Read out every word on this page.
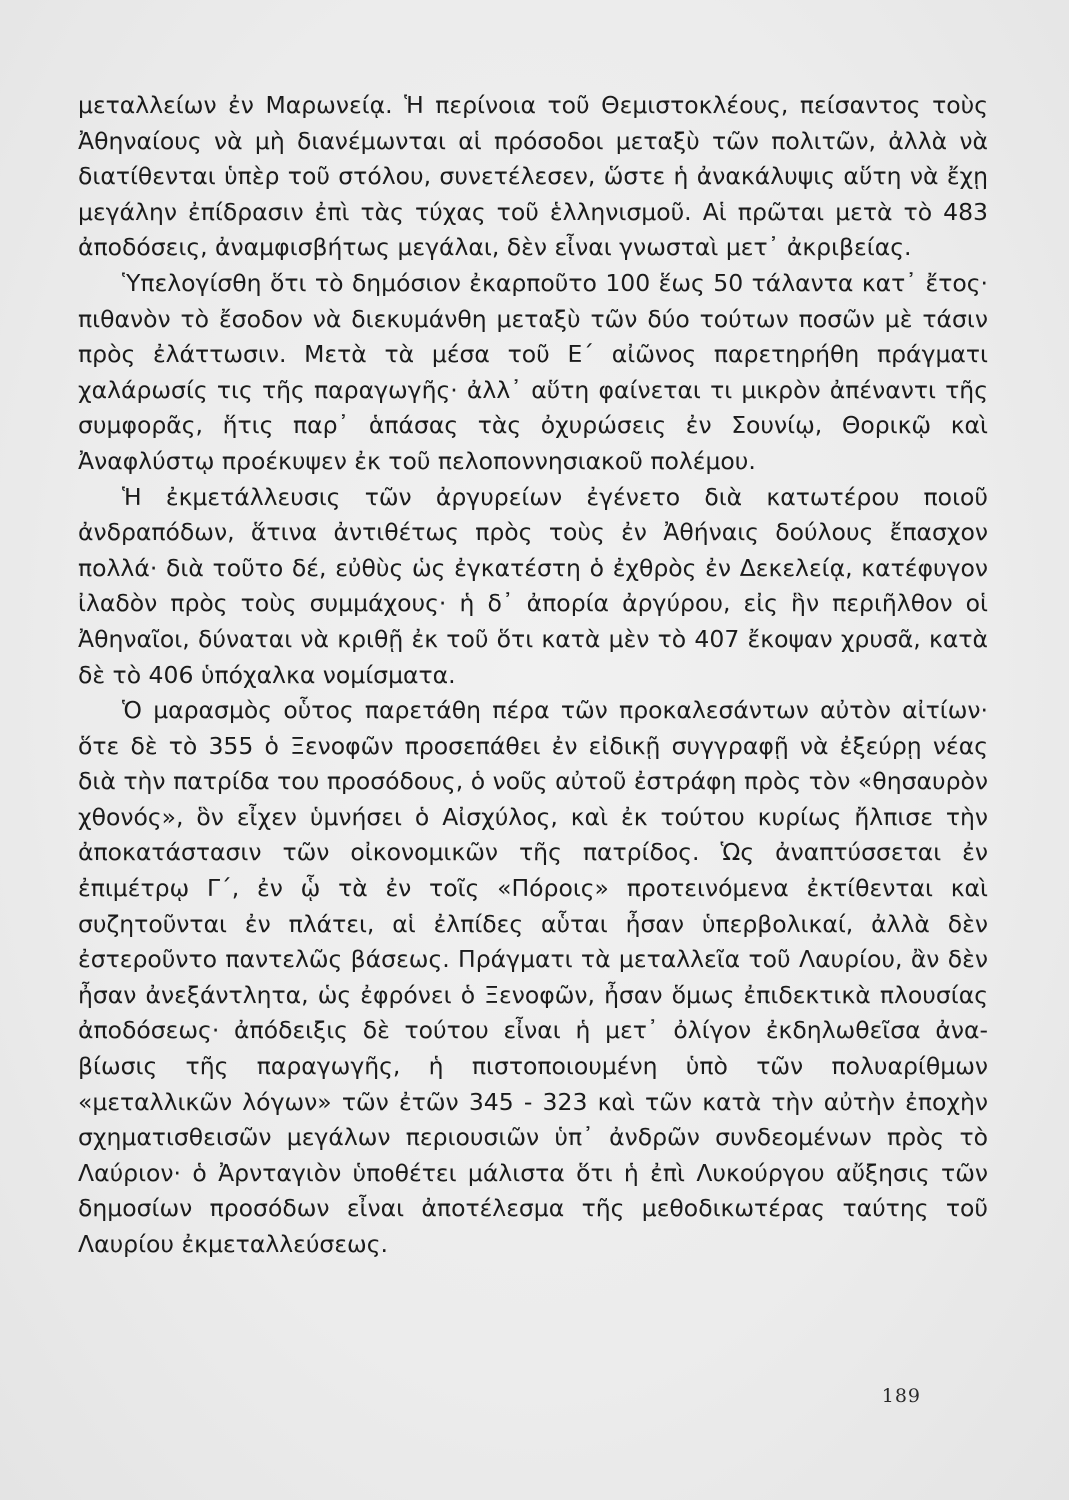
μεταλλείων ἐν Μαρωνείᾳ. Ἡ περίνοια τοῦ Θεμιστοκλέους, πείσαντος τοὺς Ἀθηναίους νὰ μὴ διανέμωνται αἱ πρόσοδοι μεταξὺ τῶν πολιτῶν, ἀλλὰ νὰ διατίθενται ὑπὲρ τοῦ στόλου, συνετέλεσεν, ὥστε ἡ ἀνακάλυψις αὕτη νὰ ἔχῃ μεγάλην ἐπίδρασιν ἐπὶ τὰς τύχας τοῦ ἑλληνισμοῦ. Αἱ πρῶται μετὰ τὸ 483 ἀποδόσεις, ἀναμφισβήτως μεγάλαι, δὲν εἶναι γνωσταὶ μετ᾽ ἀκριβείας.

Ὑπελογίσθη ὅτι τὸ δημόσιον ἐκαρποῦτο 100 ἕως 50 τάλαντα κατ᾽ ἔτος· πιθανὸν τὸ ἔσοδον νὰ διεκυμάνθη μεταξὺ τῶν δύο τούτων ποσῶν μὲ τάσιν πρὸς ἐλάττωσιν. Μετὰ τὰ μέσα τοῦ Ε´ αἰῶνος παρετηρήθη πράγματι χαλάρωσίς τις τῆς παραγωγῆς· ἀλλ᾽ αὕτη φαίνεται τι μικρὸν ἀπέναντι τῆς συμφορᾶς, ἥτις παρ᾽ ἁπάσας τὰς ὀχυρώσεις ἐν Σουνίῳ, Θορικῷ καὶ Ἀναφλύστῳ προέκυψεν ἐκ τοῦ πελοποννησιακοῦ πολέμου.

Ἡ ἐκμετάλλευσις τῶν ἀργυρείων ἐγένετο διὰ κατωτέρου ποιοῦ ἀνδραπόδων, ἅτινα ἀντιθέτως πρὸς τοὺς ἐν Ἀθήναις δούλους ἔπασχον πολλά· διὰ τοῦτο δέ, εὐθὺς ὡς ἐγκατέστη ὁ ἐχθρὸς ἐν Δεκελείᾳ, κατέφυγον ἰλαδὸν πρὸς τοὺς συμμάχους· ἡ δ᾽ ἀπορία ἀργύρου, εἰς ἣν περιῆλθον οἱ Ἀθηναῖοι, δύναται νὰ κριθῇ ἐκ τοῦ ὅτι κατὰ μὲν τὸ 407 ἔκοψαν χρυσᾶ, κατὰ δὲ τὸ 406 ὑπόχαλκα νομίσματα.

Ὁ μαρασμὸς οὗτος παρετάθη πέρα τῶν προκαλεσάντων αὐτὸν αἰτίων· ὅτε δὲ τὸ 355 ὁ Ξενοφῶν προσεπάθει ἐν εἰδικῇ συγγραφῇ νὰ ἐξεύρῃ νέας διὰ τὴν πατρίδα του προσόδους, ὁ νοῦς αὐτοῦ ἐστράφη πρὸς τὸν «θησαυρὸν χθονός», ὃν εἶχεν ὑμνήσει ὁ Αἰσχύλος, καὶ ἐκ τούτου κυρίως ἤλπισε τὴν ἀποκατάστασιν τῶν οἰκονομικῶν τῆς πατρίδος. Ὡς ἀναπτύσσεται ἐν ἐπιμέτρῳ Γ´, ἐν ᾧ τὰ ἐν τοῖς «Πόροις» προτεινόμενα ἐκτίθενται καὶ συζητοῦνται ἐν πλάτει, αἱ ἐλπίδες αὗται ἦσαν ὑπερβολικαί, ἀλλὰ δὲν ἐστεροῦντο παντελῶς βάσεως. Πράγματι τὰ μεταλλεῖα τοῦ Λαυρίου, ἂν δὲν ἦσαν ἀνεξάντλητα, ὡς ἐφρόνει ὁ Ξενοφῶν, ἦσαν ὅμως ἐπιδεκτικὰ πλουσίας ἀποδόσεως· ἀπόδειξις δὲ τούτου εἶναι ἡ μετ᾽ ὀλίγον ἐκδηλωθεῖσα ἀναβίωσις τῆς παραγωγῆς, ἡ πιστοποιουμένη ὑπὸ τῶν πολυαρίθμων «μεταλλικῶν λόγων» τῶν ἐτῶν 345 - 323 καὶ τῶν κατὰ τὴν αὐτὴν ἐποχὴν σχηματισθεισῶν μεγάλων περιουσιῶν ὑπ᾽ ἀνδρῶν συνδεομένων πρὸς τὸ Λαύριον· ὁ Ἀρνταγιὸν ὑποθέτει μάλιστα ὅτι ἡ ἐπὶ Λυκούργου αὔξησις τῶν δημοσίων προσόδων εἶναι ἀποτέλεσμα τῆς μεθοδικωτέρας ταύτης τοῦ Λαυρίου ἐκμεταλλεύσεως.

189
